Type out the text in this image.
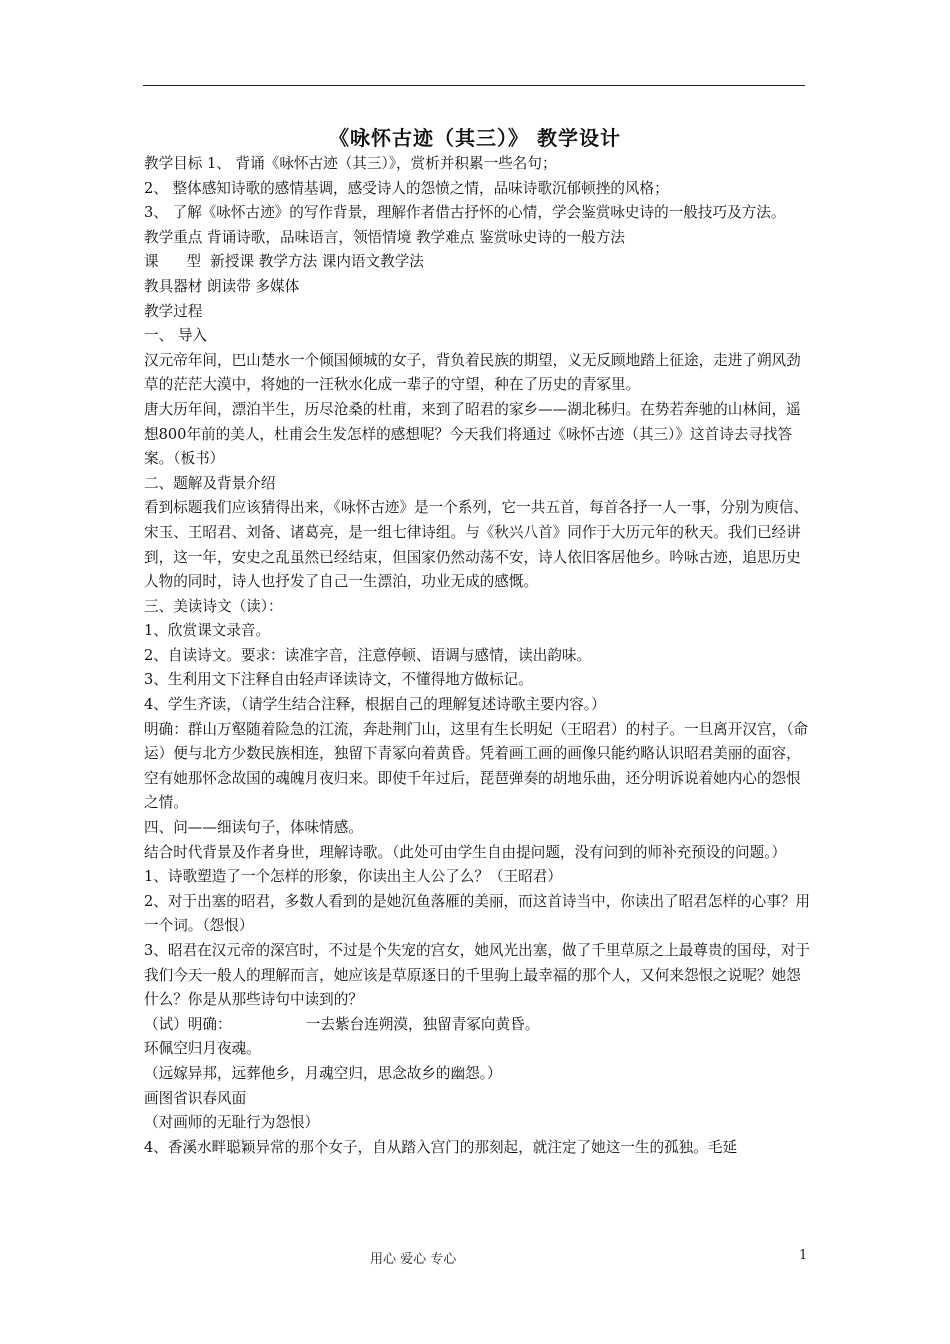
《咏怀古迹（其三）》 教学设计

教学目标 1、 背诵《咏怀古迹（其三）》，赏析并积累一些名句；

2、 整体感知诗歌的感情基调，感受诗人的怨愤之情，品味诗歌沉郁顿挫的风格；

3、 了解《咏怀古迹》的写作背景，理解作者借古抒怀的心情，学会鉴赏咏史诗的一般技巧及方法。

教学重点 背诵诗歌，品味语言，领悟情境 教学难点 鉴赏咏史诗的一般方法

课      型  新授课 教学方法 课内语文教学法

教具器材 朗读带 多媒体

教学过程

一、 导入

汉元帝年间，巴山楚水一个倾国倾城的女子，背负着民族的期望，义无反顾地踏上征途，走进了朔风劲草的茫茫大漠中，将她的一汪秋水化成一辈子的守望，种在了历史的青冢里。

唐大历年间，漂泊半生，历尽沧桑的杜甫，来到了昭君的家乡——湖北秭归。在势若奔驰的山林间，遥想800年前的美人，杜甫会生发怎样的感想呢？今天我们将通过《咏怀古迹（其三）》这首诗去寻找答案。（板书）

二、题解及背景介绍

看到标题我们应该猜得出来，《咏怀古迹》是一个系列，它一共五首，每首各抒一人一事，分别为庾信、宋玉、王昭君、刘备、诸葛亮，是一组七律诗组。与《秋兴八首》同作于大历元年的秋天。我们已经讲到，这一年，安史之乱虽然已经结束，但国家仍然动荡不安，诗人依旧客居他乡。吟咏古迹，追思历史人物的同时，诗人也抒发了自己一生漂泊，功业无成的感慨。

三、美读诗文（读）：

1、欣赏课文录音。

2、自读诗文。要求：读准字音，注意停顿、语调与感情，读出韵味。

3、生利用文下注释自由轻声译读诗文，不懂得地方做标记。

4、学生齐读，（请学生结合注释，根据自己的理解复述诗歌主要内容。）

明确：群山万壑随着险急的江流，奔赴荆门山，这里有生长明妃（王昭君）的村子。一旦离开汉宫，（命运）便与北方少数民族相连，独留下青冢向着黄昏。凭着画工画的画像只能约略认识昭君美丽的面容，空有她那怀念故国的魂魄月夜归来。即使千年过后，琵琶弹奏的胡地乐曲，还分明诉说着她内心的怨恨之情。

四、问——细读句子，体味情感。

结合时代背景及作者身世，理解诗歌。（此处可由学生自由提问题，没有问到的师补充预设的问题。）

1、诗歌塑造了一个怎样的形象，你读出主人公了么？（王昭君）

2、对于出塞的昭君，多数人看到的是她沉鱼落雁的美丽，而这首诗当中，你读出了昭君怎样的心事？用一个词。（怨恨）

3、昭君在汉元帝的深宫时，不过是个失宠的宫女，她风光出塞，做了千里草原之上最尊贵的国母，对于我们今天一般人的理解而言，她应该是草原逐日的千里驹上最幸福的那个人，又何来怨恨之说呢？她怨什么？你是从那些诗句中读到的？

（试）明确：                一去紫台连朔漠，独留青冢向黄昏。

环佩空归月夜魂。

（远嫁异邦，远葬他乡，月魂空归，思念故乡的幽怨。）

画图省识春风面

（对画师的无耻行为怨恨）

4、香溪水畔聪颖异常的那个女子，自从踏入宫门的那刻起，就注定了她这一生的孤独。毛延

用心 爱心 专心	1
